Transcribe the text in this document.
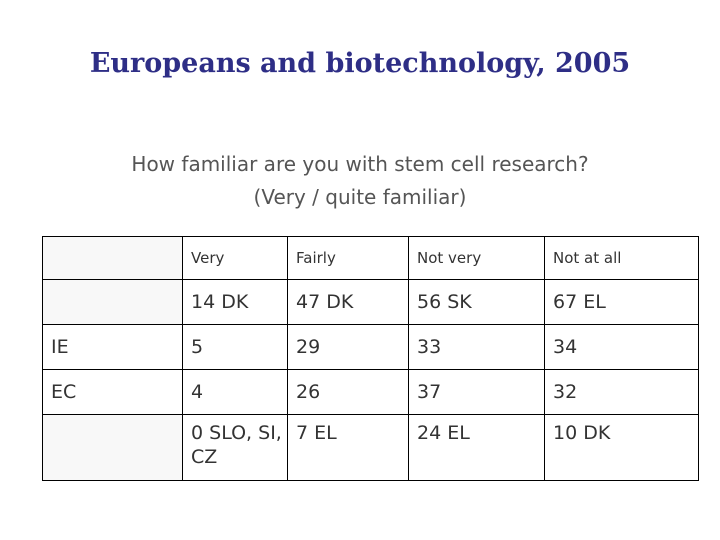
Europeans and biotechnology, 2005
How familiar are you with stem cell research?
(Very / quite familiar)
	Very	Fairly	Not very	Not at all
	14 DK	47 DK	56 SK	67 EL
IE	5	29	33	34
EC	4	26	37	32
	0 SLO, SI, CZ	7 EL	24 EL	10 DK
